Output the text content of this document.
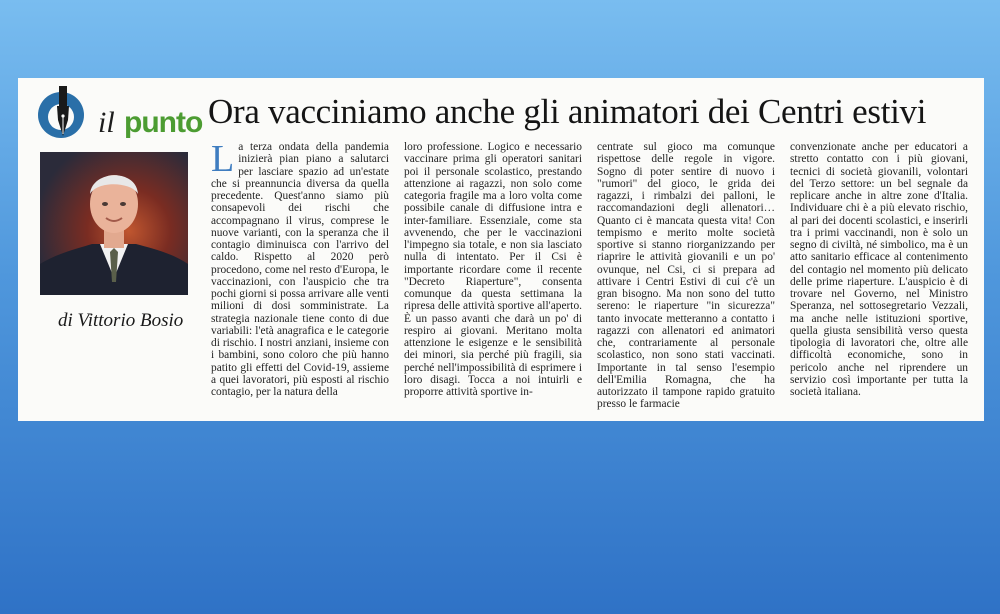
il punto Ora vacciniamo anche gli animatori dei Centri estivi
di Vittorio Bosio
La terza ondata della pandemia inizierà pian piano a salutarci per lasciare spazio ad un'estate che si preannuncia diversa da quella precedente. Quest'anno siamo più consapevoli dei rischi che accompagnano il virus, comprese le nuove varianti, con la speranza che il contagio diminuisca con l'arrivo del caldo. Rispetto al 2020 però procedono, come nel resto d'Europa, le vaccinazioni, con l'auspicio che tra pochi giorni si possa arrivare alle venti milioni di dosi somministrate. La strategia nazionale tiene conto di due variabili: l'età anagrafica e le categorie di rischio. I nostri anziani, insieme con i bambini, sono coloro che più hanno patito gli effetti del Covid-19, assieme a quei lavoratori, più esposti al rischio contagio, per la natura della
loro professione. Logico e necessario vaccinare prima gli operatori sanitari poi il personale scolastico, prestando attenzione ai ragazzi, non solo come categoria fragile ma a loro volta come possibile canale di diffusione intra e inter-familiare. Essenziale, come sta avvenendo, che per le vaccinazioni l'impegno sia totale, e non sia lasciato nulla di intentato. Per il Csi è importante ricordare come il recente "Decreto Riaperture", consenta comunque da questa settimana la ripresa delle attività sportive all'aperto. È un passo avanti che darà un po' di respiro ai giovani. Meritano molta attenzione le esigenze e le sensibilità dei minori, sia perché più fragili, sia perché nell'impossibilità di esprimere i loro disagi. Tocca a noi intuirli e proporre attività sportive in-
centrate sul gioco ma comunque rispettose delle regole in vigore. Sogno di poter sentire di nuovo i "rumori" del gioco, le grida dei ragazzi, i rimbalzi dei palloni, le raccomandazioni degli allenatori… Quanto ci è mancata questa vita! Con tempismo e merito molte società sportive si stanno riorganizzando per riaprire le attività giovanili e un po' ovunque, nel Csi, ci si prepara ad attivare i Centri Estivi di cui c'è un gran bisogno. Ma non sono del tutto sereno: le riaperture "in sicurezza" tanto invocate metteranno a contatto i ragazzi con allenatori ed animatori che, contrariamente al personale scolastico, non sono stati vaccinati. Importante in tal senso l'esempio dell'Emilia Romagna, che ha autorizzato il tampone rapido gratuito presso le farmacie
convenzionate anche per educatori a stretto contatto con i più giovani, tecnici di società giovanili, volontari del Terzo settore: un bel segnale da replicare anche in altre zone d'Italia. Individuare chi è a più elevato rischio, al pari dei docenti scolastici, e inserirli tra i primi vaccinandi, non è solo un segno di civiltà, né simbolico, ma è un atto sanitario efficace al contenimento del contagio nel momento più delicato delle prime riaperture. L'auspicio è di trovare nel Governo, nel Ministro Speranza, nel sottosegretario Vezzali, ma anche nelle istituzioni sportive, quella giusta sensibilità verso questa tipologia di lavoratori che, oltre alle difficoltà economiche, sono in pericolo anche nel riprendere un servizio così importante per tutta la società italiana.
